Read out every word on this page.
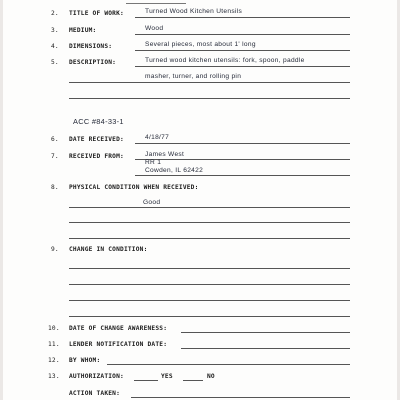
2. TITLE OF WORK:	Turned Wood Kitchen Utensils
3. MEDIUM:	Wood
4. DIMENSIONS:	Several pieces, most about 1' long
5. DESCRIPTION:	Turned wood kitchen utensils: fork, spoon, paddle
masher, turner, and rolling pin
ACC #84-33-1
6. DATE RECEIVED:	4/18/77
7. RECEIVED FROM:	James West
RR 1
Cowden, IL 62422
8. PHYSICAL CONDITION WHEN RECEIVED:
Good
9. CHANGE IN CONDITION:
10. DATE OF CHANGE AWARENESS:
11. LENDER NOTIFICATION DATE:
12. BY WHOM:
13. AUTHORIZATION:	YES	NO
ACTION TAKEN:
